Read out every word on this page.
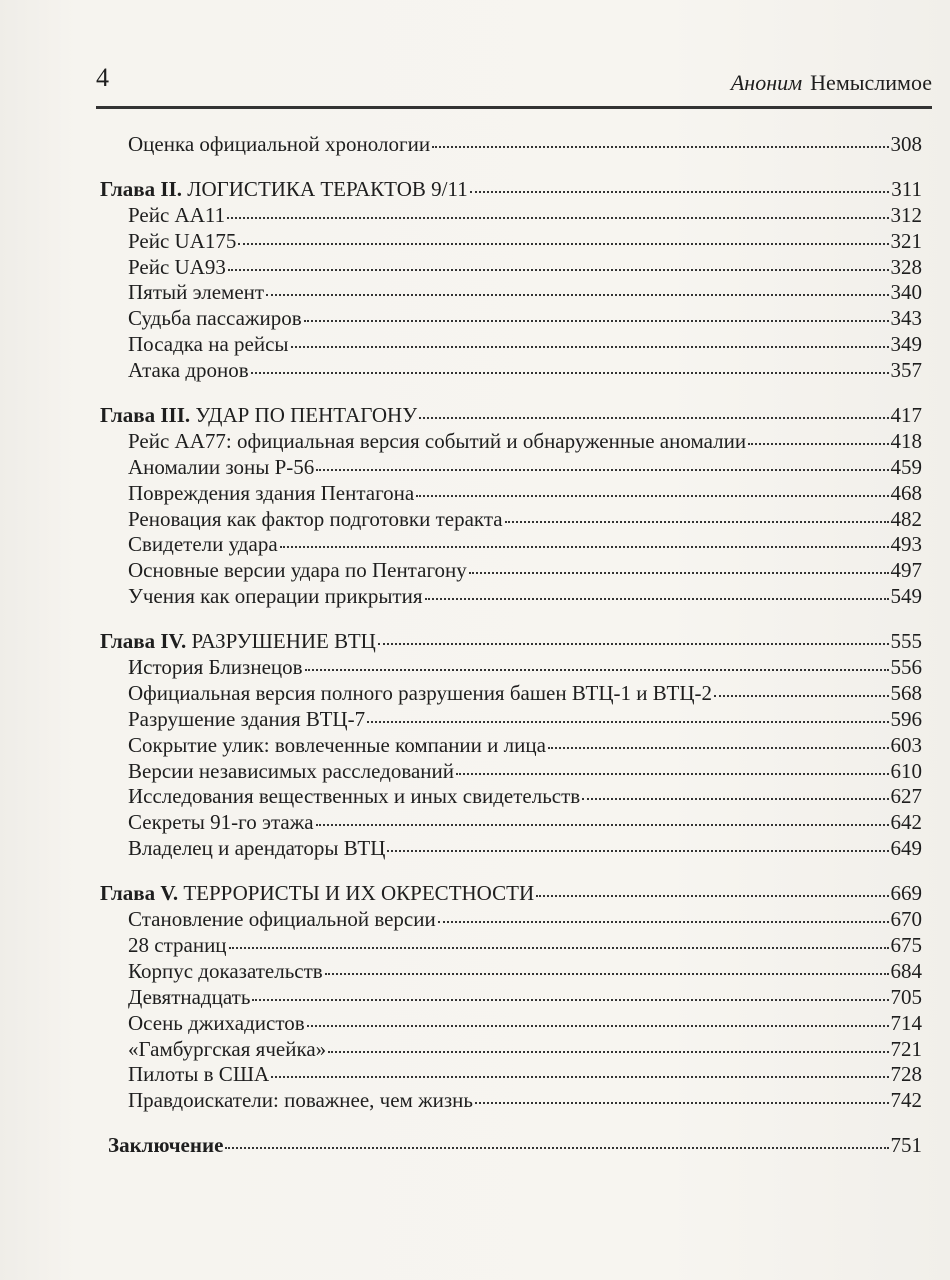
4	Аноним Немыслимое
Оценка официальной хронологии	308
Глава II. ЛОГИСТИКА ТЕРАКТОВ 9/11	311
Рейс AA11	312
Рейс UA175	321
Рейс UA93	328
Пятый элемент	340
Судьба пассажиров	343
Посадка на рейсы	349
Атака дронов	357
Глава III. УДАР ПО ПЕНТАГОНУ	417
Рейс AA77: официальная версия событий и обнаруженные аномалии	418
Аномалии зоны P-56	459
Повреждения здания Пентагона	468
Реновация как фактор подготовки теракта	482
Свидетели удара	493
Основные версии удара по Пентагону	497
Учения как операции прикрытия	549
Глава IV. РАЗРУШЕНИЕ ВТЦ	555
История Близнецов	556
Официальная версия полного разрушения башен ВТЦ-1 и ВТЦ-2	568
Разрушение здания ВТЦ-7	596
Сокрытие улик: вовлеченные компании и лица	603
Версии независимых расследований	610
Исследования вещественных и иных свидетельств	627
Секреты 91-го этажа	642
Владелец и арендаторы ВТЦ	649
Глава V. ТЕРРОРИСТЫ И ИХ ОКРЕСТНОСТИ	669
Становление официальной версии	670
28 страниц	675
Корпус доказательств	684
Девятнадцать	705
Осень джихадистов	714
«Гамбургская ячейка»	721
Пилоты в США	728
Правдоискатели: поважнее, чем жизнь	742
Заключение	751
